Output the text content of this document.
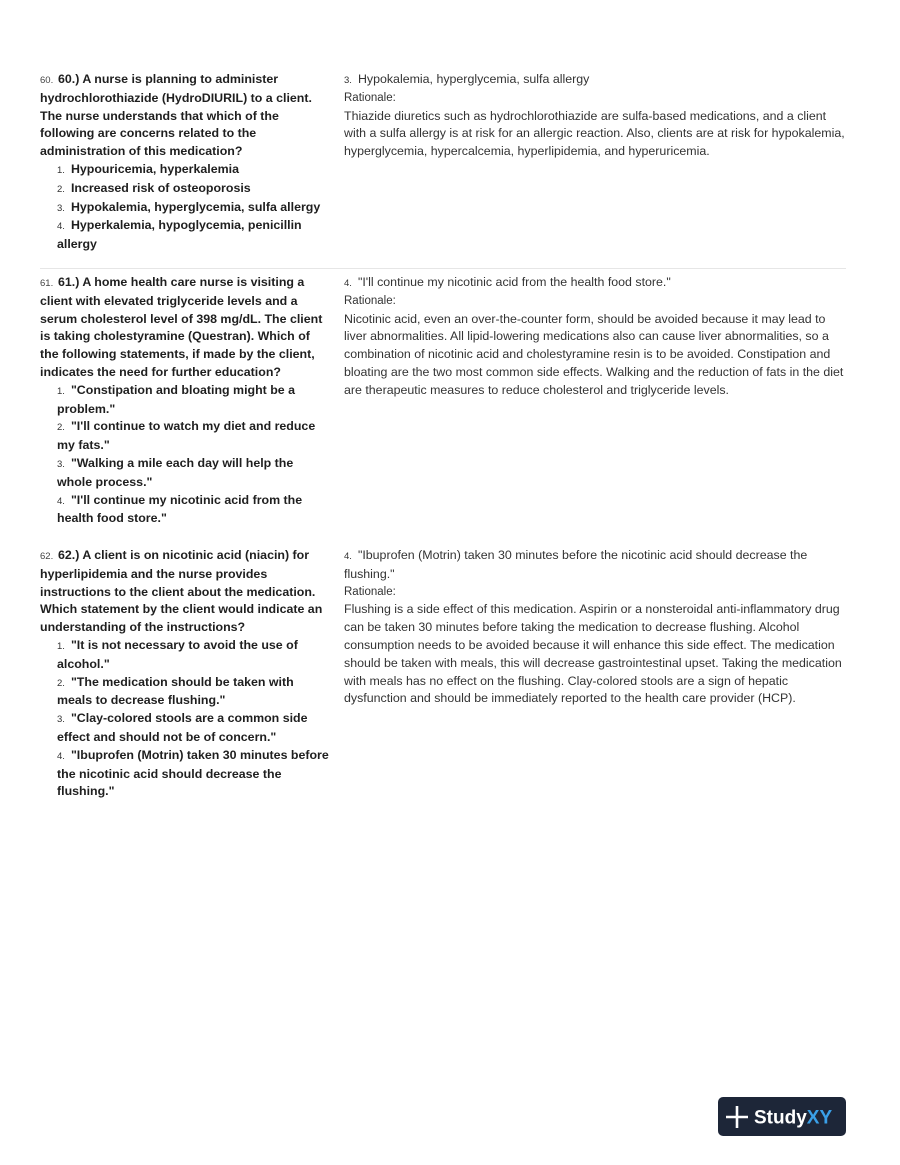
60. 60.) A nurse is planning to administer hydrochlorothiazide (HydroDIURIL) to a client. The nurse understands that which of the following are concerns related to the administration of this medication?
1. Hypouricemia, hyperkalemia
2. Increased risk of osteoporosis
3. Hypokalemia, hyperglycemia, sulfa allergy
4. Hyperkalemia, hypoglycemia, penicillin allergy
3. Hypokalemia, hyperglycemia, sulfa allergy
Rationale:
Thiazide diuretics such as hydrochlorothiazide are sulfa-based medications, and a client with a sulfa allergy is at risk for an allergic reaction. Also, clients are at risk for hypokalemia, hyperglycemia, hypercalcemia, hyperlipidemia, and hyperuricemia.
61. 61.) A home health care nurse is visiting a client with elevated triglyceride levels and a serum cholesterol level of 398 mg/dL. The client is taking cholestyramine (Questran). Which of the following statements, if made by the client, indicates the need for further education?
1. "Constipation and bloating might be a problem."
2. "I'll continue to watch my diet and reduce my fats."
3. "Walking a mile each day will help the whole process."
4. "I'll continue my nicotinic acid from the health food store."
4. "I'll continue my nicotinic acid from the health food store."
Rationale:
Nicotinic acid, even an over-the-counter form, should be avoided because it may lead to liver abnormalities. All lipid-lowering medications also can cause liver abnormalities, so a combination of nicotinic acid and cholestyramine resin is to be avoided. Constipation and bloating are the two most common side effects. Walking and the reduction of fats in the diet are therapeutic measures to reduce cholesterol and triglyceride levels.
62. 62.) A client is on nicotinic acid (niacin) for hyperlipidemia and the nurse provides instructions to the client about the medication. Which statement by the client would indicate an understanding of the instructions?
1. "It is not necessary to avoid the use of alcohol."
2. "The medication should be taken with meals to decrease flushing."
3. "Clay-colored stools are a common side effect and should not be of concern."
4. "Ibuprofen (Motrin) taken 30 minutes before the nicotinic acid should decrease the flushing."
4. "Ibuprofen (Motrin) taken 30 minutes before the nicotinic acid should decrease the flushing."
Rationale:
Flushing is a side effect of this medication. Aspirin or a nonsteroidal anti-inflammatory drug can be taken 30 minutes before taking the medication to decrease flushing. Alcohol consumption needs to be avoided because it will enhance this side effect. The medication should be taken with meals, this will decrease gastrointestinal upset. Taking the medication with meals has no effect on the flushing. Clay-colored stools are a sign of hepatic dysfunction and should be immediately reported to the health care provider (HCP).
StudyXY
